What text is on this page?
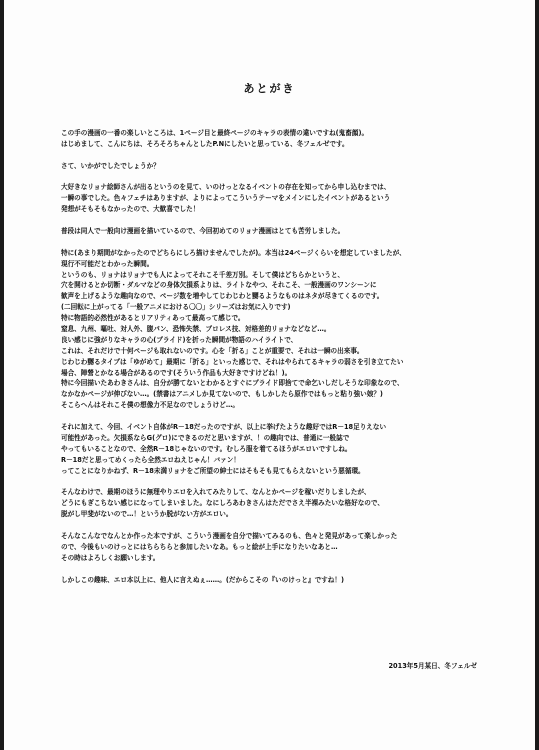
あとがき
この手の漫画の一番の楽しいところは、1ページ目と最終ページのキャラの表情の違いですね(鬼畜顔)。
はじめまして、こんにちは、そろそろちゃんとしたP.Nにしたいと思っている、冬フェルゼです。
さて、いかがでしたでしょうか？
大好きなリョナ絵師さんが出るというのを見て、いのけっとなるイベントの存在を知ってから申し込むまでは、
一瞬の事でした。色々フェチはありますが、よりによってこういうテーマをメインにしたイベントがあるという
発想がそもそもなかったので、大歓喜でした！
普段は同人で一般向け漫画を描いているので、今回初めてのリョナ漫画はとても苦労しました。
特に(あまり期間がなかったのでどちらにしろ描けませんでしたが)。本当は24ページくらいを想定していましたが、
現行不可能だとわかった瞬間。
というのも、リョナはリョナでも人によってそれこそ千差万別。そして僕はどちらかというと、
穴を開けるとか切断・ダルマなどの身体欠損系よりは、ライトなやつ、それこそ、一般漫画のワンシーンに
歓声を上げるような趣向なので、ページ数を増やしてじわじわと嬲るようなものはネタが尽きてくるのです。
(二回転に上がってる「一般アニメにおける〇〇」シリーズはお気に入りです)
特に物語的必然性があるとリアリティあって最高って感じで。
窒息、九州、嘔吐、対人外、腹パン、恐怖失禁、プロレス技、対格差的リョナなどなど…。
良い感じに強がりなキャラの心(プライド)を折った瞬間が物語のハイライトで、
これは、それだけで十何ページも取れないのです。心を「折る」ことが重要で、それは一瞬の出来事。
じわじわ嬲るタイプは「ゆがめて」最期に「折る」といった感じで、それはやられてるキャラの弱さを引き立てたい
場合、陣營とかなる場合があるのです(そういう作品も大好きですけどね！)。
特に今回描いたあわきさんは、自分が勝てないとわかるとすぐにプライド即捨てで命乞いしだしそうな印象なので、
なかなかページが伸びない…。(禁書はアニメしか見てないので、もしかしたら原作ではもっと粘り強い娘？)
そこらへんはそれこそ僕の想像力不足なのでしょうけど…。
それに加えて、今回、イベント自体がR－18だったのですが、以上に挙げたような趣好ではR－18足りえない
可能性があった。欠損系ならG(グロ)にできるのだと思いますが、！の趣向では、普通に一般誌で
やってもいることなので、全然R－18じゃないのです。むしろ服を着てるほうがエロいですしね。
R－18だと思ってめくったら全然エロねえじゃん！バァン！
ってことになりかねず、R－18未満リョナをご所望の紳士にはそもそも見てもらえないという悪循環。
そんなわけで、最期のほうに無理やりエロを入れてみたりして、なんとかページを稼いだりしましたが、
どうにもぎこちない感じになってしまいました。なにしろあわきさんはただでさえ半裸みたいな格好なので、
脱がし甲斐がないので…！というか脱がない方がエロい。
そんなこんなでなんとか作った本ですが、こういう漫画を自分で描いてみるのも、色々と発見があって楽しかった
ので、今後もいのけっとにはちらちらと参加したいなあ。もっと絵が上手になりたいなあと…
その時はよろしくお願いします。
しかしこの趣味、エロ本以上に、他人に言えぬぇ……。(だからこその『いのけっと』ですね！)
2013年5月某日、冬フェルゼ
